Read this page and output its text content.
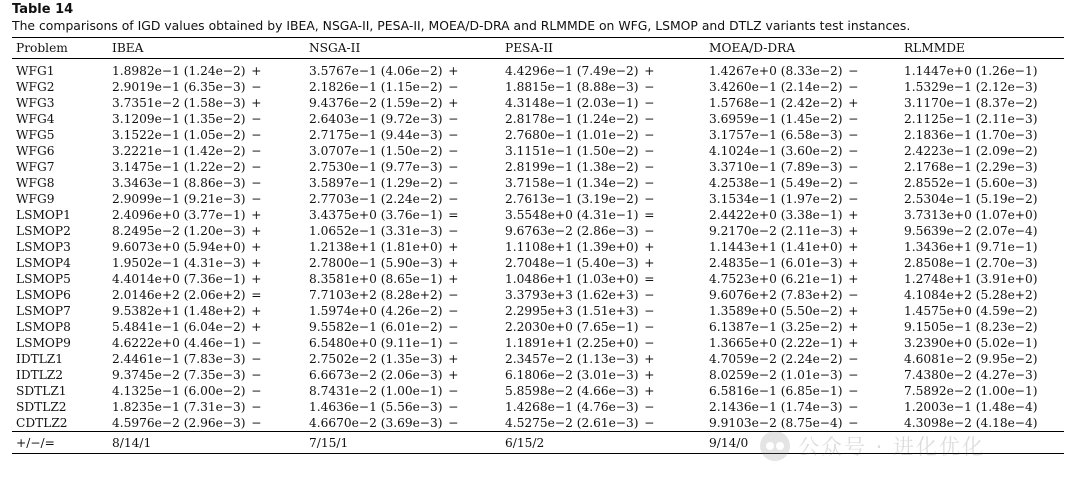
Table 14
The comparisons of IGD values obtained by IBEA, NSGA-II, PESA-II, MOEA/D-DRA and RLMMDE on WFG, LSMOP and DTLZ variants test instances.
Problem	IBEA	NSGA-II	PESA-II	MOEA/D-DRA	RLMMDE
WFG1	1.8982e−1 (1.24e−2) +	3.5767e−1 (4.06e−2) +	4.4296e−1 (7.49e−2) +	1.4267e+0 (8.33e−2) −	1.1447e+0 (1.26e−1)
WFG2	2.9019e−1 (6.35e−3) −	2.1826e−1 (1.15e−2) −	1.8815e−1 (8.88e−3) −	3.4260e−1 (2.14e−2) −	1.5329e−1 (2.12e−3)
WFG3	3.7351e−2 (1.58e−3) +	9.4376e−2 (1.59e−2) +	4.3148e−1 (2.03e−1) −	1.5768e−1 (2.42e−2) +	3.1170e−1 (8.37e−2)
WFG4	3.1209e−1 (1.35e−2) −	2.6403e−1 (9.72e−3) −	2.8178e−1 (1.24e−2) −	3.6959e−1 (1.45e−2) −	2.1125e−1 (2.11e−3)
WFG5	3.1522e−1 (1.05e−2) −	2.7175e−1 (9.44e−3) −	2.7680e−1 (1.01e−2) −	3.1757e−1 (6.58e−3) −	2.1836e−1 (1.70e−3)
WFG6	3.2221e−1 (1.42e−2) −	3.0707e−1 (1.50e−2) −	3.1151e−1 (1.50e−2) −	4.1024e−1 (3.60e−2) −	2.4223e−1 (2.09e−2)
WFG7	3.1475e−1 (1.22e−2) −	2.7530e−1 (9.77e−3) −	2.8199e−1 (1.38e−2) −	3.3710e−1 (7.89e−3) −	2.1768e−1 (2.29e−3)
WFG8	3.3463e−1 (8.86e−3) −	3.5897e−1 (1.29e−2) −	3.7158e−1 (1.34e−2) −	4.2538e−1 (5.49e−2) −	2.8552e−1 (5.60e−3)
WFG9	2.9099e−1 (9.21e−3) −	2.7703e−1 (2.24e−2) −	2.7613e−1 (3.19e−2) −	3.1534e−1 (1.97e−2) −	2.5304e−1 (5.19e−2)
LSMOP1	2.4096e+0 (3.77e−1) +	3.4375e+0 (3.76e−1) =	3.5548e+0 (4.31e−1) =	2.4422e+0 (3.38e−1) +	3.7313e+0 (1.07e+0)
LSMOP2	8.2495e−2 (1.20e−3) +	1.0652e−1 (3.31e−3) −	9.6763e−2 (2.86e−3) −	9.2170e−2 (2.11e−3) +	9.5639e−2 (2.07e−4)
LSMOP3	9.6073e+0 (5.94e+0) +	1.2138e+1 (1.81e+0) +	1.1108e+1 (1.39e+0) +	1.1443e+1 (1.41e+0) +	1.3436e+1 (9.71e−1)
LSMOP4	1.9502e−1 (4.31e−3) +	2.7800e−1 (5.90e−3) +	2.7048e−1 (5.40e−3) +	2.4835e−1 (6.01e−3) +	2.8508e−1 (2.70e−3)
LSMOP5	4.4014e+0 (7.36e−1) +	8.3581e+0 (8.65e−1) +	1.0486e+1 (1.03e+0) =	4.7523e+0 (6.21e−1) +	1.2748e+1 (3.91e+0)
LSMOP6	2.0146e+2 (2.06e+2) =	7.7103e+2 (8.28e+2) −	3.3793e+3 (1.62e+3) −	9.6076e+2 (7.83e+2) −	4.1084e+2 (5.28e+2)
LSMOP7	9.5382e+1 (1.48e+2) +	1.5974e+0 (4.26e−2) −	2.2995e+3 (1.51e+3) −	1.3589e+0 (5.50e−2) +	1.4575e+0 (4.59e−2)
LSMOP8	5.4841e−1 (6.04e−2) +	9.5582e−1 (6.01e−2) −	2.2030e+0 (7.65e−1) −	6.1387e−1 (3.25e−2) +	9.1505e−1 (8.23e−2)
LSMOP9	4.6222e+0 (4.46e−1) −	6.5480e+0 (9.11e−1) −	1.1891e+1 (2.25e+0) −	1.3665e+0 (2.22e−1) +	3.2390e+0 (5.02e−1)
IDTLZ1	2.4461e−1 (7.83e−3) −	2.7502e−2 (1.35e−3) +	2.3457e−2 (1.13e−3) +	4.7059e−2 (2.24e−2) −	4.6081e−2 (9.95e−2)
IDTLZ2	9.3745e−2 (7.35e−3) −	6.6673e−2 (2.06e−3) +	6.1806e−2 (3.01e−3) +	8.0259e−2 (1.01e−3) −	7.4380e−2 (4.27e−3)
SDTLZ1	4.1325e−1 (6.00e−2) −	8.7431e−2 (1.00e−1) −	5.8598e−2 (4.66e−3) +	6.5816e−1 (6.85e−1) −	7.5892e−2 (1.00e−1)
SDTLZ2	1.8235e−1 (7.31e−3) −	1.4636e−1 (5.56e−3) −	1.4268e−1 (4.76e−3) −	2.1436e−1 (1.74e−3) −	1.2003e−1 (1.48e−4)
CDTLZ2	4.5976e−2 (2.96e−3) −	4.6670e−2 (3.69e−3) −	4.5275e−2 (2.61e−3) −	9.9103e−2 (8.75e−4) −	4.3098e−2 (4.18e−4)
+/−/=	8/14/1	7/15/1	6/15/2	9/14/0	公众号 · 进化优化
